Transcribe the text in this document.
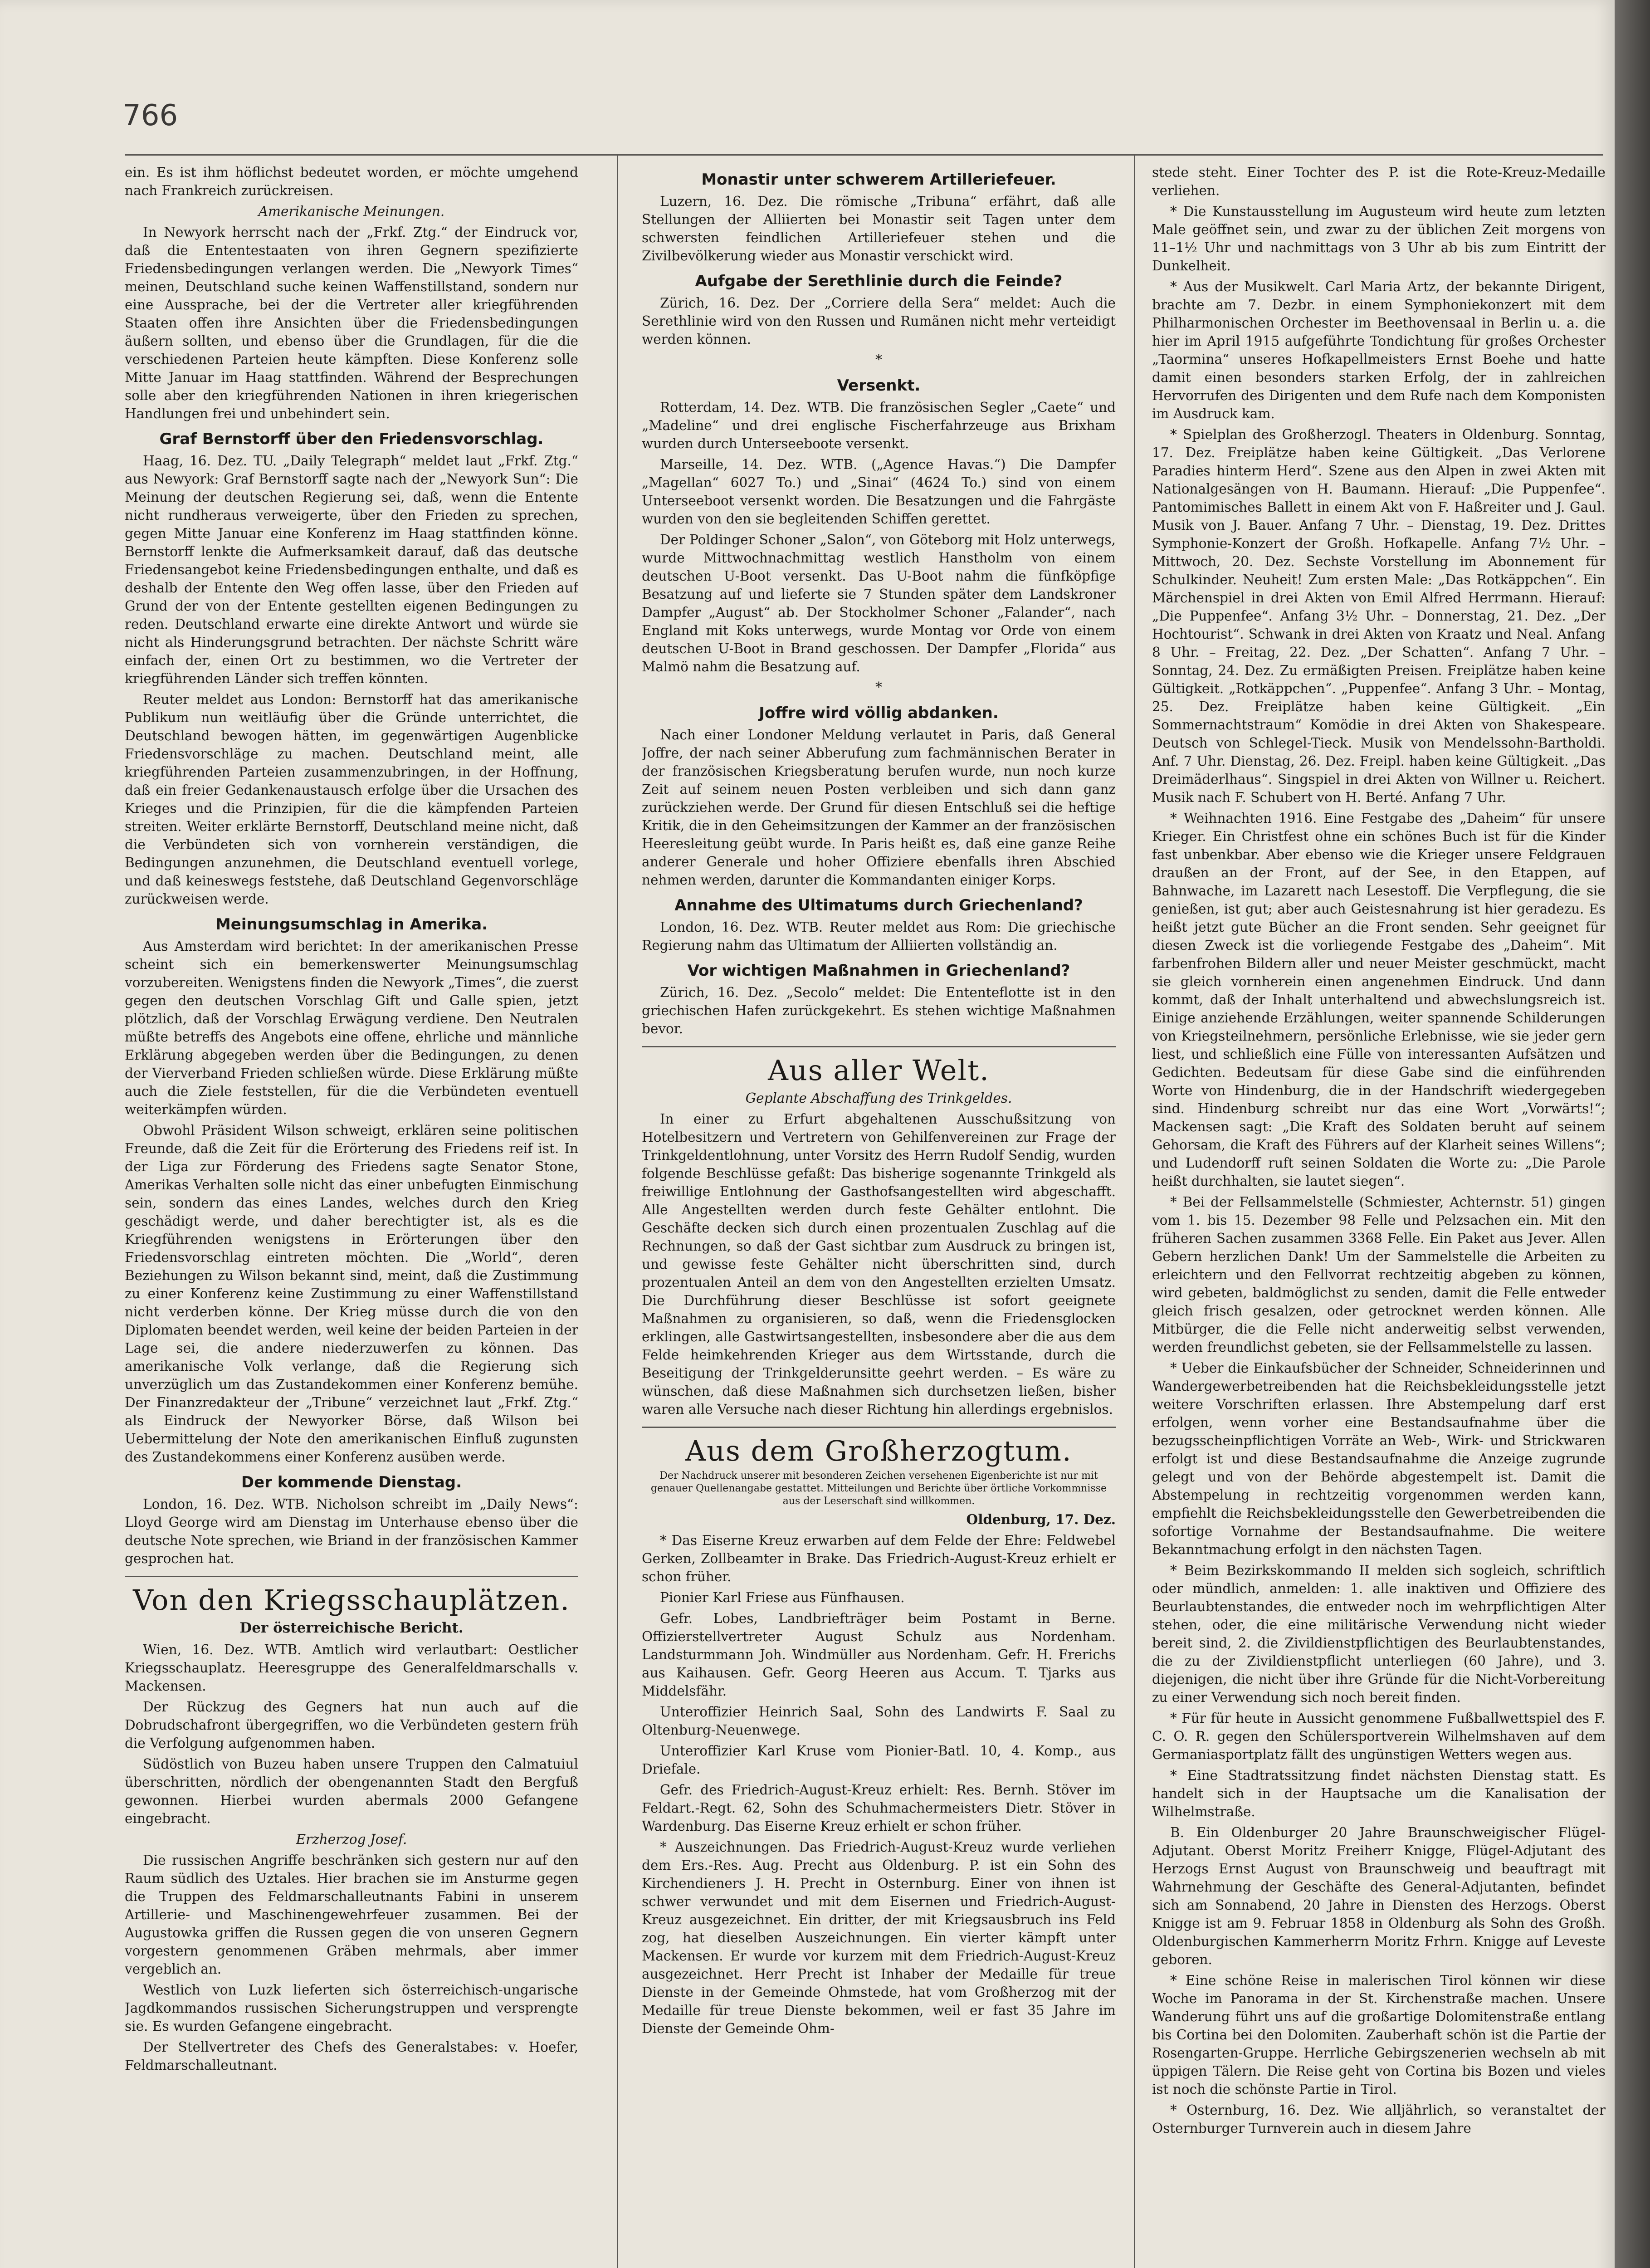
766

ein. Es ist ihm höflichst bedeutet worden, er möchte umgehend nach Frankreich zurückreisen.

Amerikanische Meinungen.

In Newyork herrscht nach der „Frkf. Ztg.“ der Eindruck vor, daß die Ententestaaten von ihren Gegnern spezifizierte Friedensbedingungen verlangen werden. Die „Newyork Times“ meinen, Deutschland suche keinen Waffenstillstand, sondern nur eine Aussprache, bei der die Vertreter aller kriegführenden Staaten offen ihre Ansichten über die Friedensbedingungen äußern sollten, und ebenso über die Grundlagen, für die die verschiedenen Parteien heute kämpften. Diese Konferenz solle Mitte Januar im Haag stattfinden. Während der Besprechungen solle aber den kriegführenden Nationen in ihren kriegerischen Handlungen frei und unbehindert sein.

Graf Bernstorff über den Friedensvorschlag.

Haag, 16. Dez. TU. „Daily Telegraph“ meldet laut „Frkf. Ztg.“ aus Newyork: Graf Bernstorff sagte nach der „Newyork Sun“: Die Meinung der deutschen Regierung sei, daß, wenn die Entente nicht rundheraus verweigerte, über den Frieden zu sprechen, gegen Mitte Januar eine Konferenz im Haag stattfinden könne. Bernstorff lenkte die Aufmerksamkeit darauf, daß das deutsche Friedensangebot keine Friedensbedingungen enthalte, und daß es deshalb der Entente den Weg offen lasse, über den Frieden auf Grund der von der Entente gestellten eigenen Bedingungen zu reden. Deutschland erwarte eine direkte Antwort und würde sie nicht als Hinderungsgrund betrachten. Der nächste Schritt wäre einfach der, einen Ort zu bestimmen, wo die Vertreter der kriegführenden Länder sich treffen könnten.

Reuter meldet aus London: Bernstorff hat das amerikanische Publikum nun weitläufig über die Gründe unterrichtet, die Deutschland bewogen hätten, im gegenwärtigen Augenblicke Friedensvorschläge zu machen. Deutschland meint, alle kriegführenden Parteien zusammenzubringen, in der Hoffnung, daß ein freier Gedankenaustausch erfolge über die Ursachen des Krieges und die Prinzipien, für die die kämpfenden Parteien streiten. Weiter erklärte Bernstorff, Deutschland meine nicht, daß die Verbündeten sich von vornherein verständigen, die Bedingungen anzunehmen, die Deutschland eventuell vorlege, und daß keineswegs feststehe, daß Deutschland Gegenvorschläge zurückweisen werde.

Meinungsumschlag in Amerika.

Aus Amsterdam wird berichtet: In der amerikanischen Presse scheint sich ein bemerkenswerter Meinungsumschlag vorzubereiten. Wenigstens finden die Newyork „Times“, die zuerst gegen den deutschen Vorschlag Gift und Galle spien, jetzt plötzlich, daß der Vorschlag Erwägung verdiene. Den Neutralen müßte betreffs des Angebots eine offene, ehrliche und männliche Erklärung abgegeben werden über die Bedingungen, zu denen der Vierverband Frieden schließen würde. Diese Erklärung müßte auch die Ziele feststellen, für die die Verbündeten eventuell weiterkämpfen würden.

Obwohl Präsident Wilson schweigt, erklären seine politischen Freunde, daß die Zeit für die Erörterung des Friedens reif ist. In der Liga zur Förderung des Friedens sagte Senator Stone, Amerikas Verhalten solle nicht das einer unbefugten Einmischung sein, sondern das eines Landes, welches durch den Krieg geschädigt werde, und daher berechtigter ist, als es die Kriegführenden wenigstens in Erörterungen über den Friedensvorschlag eintreten möchten. Die „World“, deren Beziehungen zu Wilson bekannt sind, meint, daß die Zustimmung zu einer Konferenz keine Zustimmung zu einer Waffenstillstand nicht verderben könne. Der Krieg müsse durch die von den Diplomaten beendet werden, weil keine der beiden Parteien in der Lage sei, die andere niederzuwerfen zu können. Das amerikanische Volk verlange, daß die Regierung sich unverzüglich um das Zustandekommen einer Konferenz bemühe. Der Finanzredakteur der „Tribune“ verzeichnet laut „Frkf. Ztg.“ als Eindruck der Newyorker Börse, daß Wilson bei Uebermittelung der Note den amerikanischen Einfluß zugunsten des Zustandekommens einer Konferenz ausüben werde.

Der kommende Dienstag.

London, 16. Dez. WTB. Nicholson schreibt im „Daily News“: Lloyd George wird am Dienstag im Unterhause ebenso über die deutsche Note sprechen, wie Briand in der französischen Kammer gesprochen hat.

Von den Kriegsschauplätzen.
Der österreichische Bericht.

Wien, 16. Dez. WTB. Amtlich wird verlautbart: Oestlicher Kriegsschauplatz. Heeresgruppe des Generalfeldmarschalls v. Mackensen.

Der Rückzug des Gegners hat nun auch auf die Dobrudschafront übergegriffen, wo die Verbündeten gestern früh die Verfolgung aufgenommen haben.

Südöstlich von Buzeu haben unsere Truppen den Calmatuiul überschritten, nördlich der obengenannten Stadt den Bergfuß gewonnen. Hierbei wurden abermals 2000 Gefangene eingebracht.

Erzherzog Josef.

Die russischen Angriffe beschränken sich gestern nur auf den Raum südlich des Uztales. Hier brachen sie im Ansturme gegen die Truppen des Feldmarschalleutnants Fabini in unserem Artillerie- und Maschinengewehrfeuer zusammen. Bei der Augustowka griffen die Russen gegen die von unseren Gegnern vorgestern genommenen Gräben mehrmals, aber immer vergeblich an.

Westlich von Luzk lieferten sich österreichisch-ungarische Jagdkommandos russischen Sicherungstruppen und versprengte sie. Es wurden Gefangene eingebracht.

Der Stellvertreter des Chefs des Generalstabes: v. Hoefer, Feldmarschalleutnant.

Monastir unter schwerem Artilleriefeuer.

Luzern, 16. Dez. Die römische „Tribuna“ erfährt, daß alle Stellungen der Alliierten bei Monastir seit Tagen unter dem schwersten feindlichen Artilleriefeuer stehen und die Zivilbevölkerung wieder aus Monastir verschickt wird.

Aufgabe der Serethlinie durch die Feinde?

Zürich, 16. Dez. Der „Corriere della Sera“ meldet: Auch die Serethlinie wird von den Russen und Rumänen nicht mehr verteidigt werden können.

*

Versenkt.

Rotterdam, 14. Dez. WTB. Die französischen Segler „Caete“ und „Madeline“ und drei englische Fischerfahrzeuge aus Brixham wurden durch Unterseeboote versenkt.

Marseille, 14. Dez. WTB. („Agence Havas.“) Die Dampfer „Magellan“ 6027 To.) und „Sinai“ (4624 To.) sind von einem Unterseeboot versenkt worden. Die Besatzungen und die Fahrgäste wurden von den sie begleitenden Schiffen gerettet.

Der Poldinger Schoner „Salon“, von Göteborg mit Holz unterwegs, wurde Mittwochnachmittag westlich Hanstholm von einem deutschen U-Boot versenkt. Das U-Boot nahm die fünfköpfige Besatzung auf und lieferte sie 7 Stunden später dem Landskroner Dampfer „August“ ab. Der Stockholmer Schoner „Falander“, nach England mit Koks unterwegs, wurde Montag vor Orde von einem deutschen U-Boot in Brand geschossen. Der Dampfer „Florida“ aus Malmö nahm die Besatzung auf.

*

Joffre wird völlig abdanken.

Nach einer Londoner Meldung verlautet in Paris, daß General Joffre, der nach seiner Abberufung zum fachmännischen Berater in der französischen Kriegsberatung berufen wurde, nun noch kurze Zeit auf seinem neuen Posten verbleiben und sich dann ganz zurückziehen werde. Der Grund für diesen Entschluß sei die heftige Kritik, die in den Geheimsitzungen der Kammer an der französischen Heeresleitung geübt wurde. In Paris heißt es, daß eine ganze Reihe anderer Generale und hoher Offiziere ebenfalls ihren Abschied nehmen werden, darunter die Kommandanten einiger Korps.

Annahme des Ultimatums durch Griechenland?

London, 16. Dez. WTB. Reuter meldet aus Rom: Die griechische Regierung nahm das Ultimatum der Alliierten vollständig an.

Vor wichtigen Maßnahmen in Griechenland?

Zürich, 16. Dez. „Secolo“ meldet: Die Ententeflotte ist in den griechischen Hafen zurückgekehrt. Es stehen wichtige Maßnahmen bevor.

Aus aller Welt.

Geplante Abschaffung des Trinkgeldes.

In einer zu Erfurt abgehaltenen Ausschußsitzung von Hotelbesitzern und Vertretern von Gehilfenvereinen zur Frage der Trinkgeldentlohnung, unter Vorsitz des Herrn Rudolf Sendig, wurden folgende Beschlüsse gefaßt: Das bisherige sogenannte Trinkgeld als freiwillige Entlohnung der Gasthofsangestellten wird abgeschafft. Alle Angestellten werden durch feste Gehälter entlohnt. Die Geschäfte decken sich durch einen prozentualen Zuschlag auf die Rechnungen, so daß der Gast sichtbar zum Ausdruck zu bringen ist, und gewisse feste Gehälter nicht überschritten sind, durch prozentualen Anteil an dem von den Angestellten erzielten Umsatz. Die Durchführung dieser Beschlüsse ist sofort geeignete Maßnahmen zu organisieren, so daß, wenn die Friedensglocken erklingen, alle Gastwirtsangestellten, insbesondere aber die aus dem Felde heimkehrenden Krieger aus dem Wirtsstande, durch die Beseitigung der Trinkgelderunsitte geehrt werden. – Es wäre zu wünschen, daß diese Maßnahmen sich durchsetzen ließen, bisher waren alle Versuche nach dieser Richtung hin allerdings ergebnislos.

Aus dem Großherzogtum.

Der Nachdruck unserer mit besonderen Zeichen versehenen Eigenberichte ist nur mit genauer Quellenangabe gestattet. Mitteilungen und Berichte über örtliche Vorkommnisse aus der Leserschaft sind willkommen.

Oldenburg, 17. Dez.

* Das Eiserne Kreuz erwarben auf dem Felde der Ehre: Feldwebel Gerken, Zollbeamter in Brake. Das Friedrich-August-Kreuz erhielt er schon früher.

Pionier Karl Friese aus Fünfhausen.

Gefr. Lobes, Landbriefträger beim Postamt in Berne. Offizierstellvertreter August Schulz aus Nordenham. Landsturmmann Joh. Windmüller aus Nordenham. Gefr. H. Frerichs aus Kaihausen. Gefr. Georg Heeren aus Accum. T. Tjarks aus Middelsfähr.

Unteroffizier Heinrich Saal, Sohn des Landwirts F. Saal zu Oltenburg-Neuenwege.

Unteroffizier Karl Kruse vom Pionier-Batl. 10, 4. Komp., aus Driefale.

Gefr. des Friedrich-August-Kreuz erhielt: Res. Bernh. Stöver im Feldart.-Regt. 62, Sohn des Schuhmachermeisters Dietr. Stöver in Wardenburg. Das Eiserne Kreuz erhielt er schon früher.

* Auszeichnungen. Das Friedrich-August-Kreuz wurde verliehen dem Ers.-Res. Aug. Precht aus Oldenburg. P. ist ein Sohn des Kirchendieners J. H. Precht in Osternburg. Einer von ihnen ist schwer verwundet und mit dem Eisernen und Friedrich-August-Kreuz ausgezeichnet. Ein dritter, der mit Kriegsausbruch ins Feld zog, hat dieselben Auszeichnungen. Ein vierter kämpft unter Mackensen. Er wurde vor kurzem mit dem Friedrich-August-Kreuz ausgezeichnet. Herr Precht ist Inhaber der Medaille für treue Dienste in der Gemeinde Ohmstede, hat vom Großherzog mit der Medaille für treue Dienste bekommen, weil er fast 35 Jahre im Dienste der Gemeinde Ohm-

stede steht. Einer Tochter des P. ist die Rote-Kreuz-Medaille verliehen.

* Die Kunstausstellung im Augusteum wird heute zum letzten Male geöffnet sein, und zwar zu der üblichen Zeit morgens von 11–1½ Uhr und nachmittags von 3 Uhr ab bis zum Eintritt der Dunkelheit.

* Aus der Musikwelt. Carl Maria Artz, der bekannte Dirigent, brachte am 7. Dezbr. in einem Symphoniekonzert mit dem Philharmonischen Orchester im Beethovensaal in Berlin u. a. die hier im April 1915 aufgeführte Tondichtung für großes Orchester „Taormina“ unseres Hofkapellmeisters Ernst Boehe und hatte damit einen besonders starken Erfolg, der in zahlreichen Hervorrufen des Dirigenten und dem Rufe nach dem Komponisten im Ausdruck kam.

* Spielplan des Großherzogl. Theaters in Oldenburg. Sonntag, 17. Dez. Freiplätze haben keine Gültigkeit. „Das Verlorene Paradies hinterm Herd“. Szene aus den Alpen in zwei Akten mit Nationalgesängen von H. Baumann. Hierauf: „Die Puppenfee“. Pantomimisches Ballett in einem Akt von F. Haßreiter und J. Gaul. Musik von J. Bauer. Anfang 7 Uhr. – Dienstag, 19. Dez. Drittes Symphonie-Konzert der Großh. Hofkapelle. Anfang 7½ Uhr. – Mittwoch, 20. Dez. Sechste Vorstellung im Abonnement für Schulkinder. Neuheit! Zum ersten Male: „Das Rotkäppchen“. Ein Märchenspiel in drei Akten von Emil Alfred Herrmann. Hierauf: „Die Puppenfee“. Anfang 3½ Uhr. – Donnerstag, 21. Dez. „Der Hochtourist“. Schwank in drei Akten von Kraatz und Neal. Anfang 8 Uhr. – Freitag, 22. Dez. „Der Schatten“. Anfang 7 Uhr. – Sonntag, 24. Dez. Zu ermäßigten Preisen. Freiplätze haben keine Gültigkeit. „Rotkäppchen“. „Puppenfee“. Anfang 3 Uhr. – Montag, 25. Dez. Freiplätze haben keine Gültigkeit. „Ein Sommernachtstraum“ Komödie in drei Akten von Shakespeare. Deutsch von Schlegel-Tieck. Musik von Mendelssohn-Bartholdi. Anf. 7 Uhr. Dienstag, 26. Dez. Freipl. haben keine Gültigkeit. „Das Dreimäderlhaus“. Singspiel in drei Akten von Willner u. Reichert. Musik nach F. Schubert von H. Berté. Anfang 7 Uhr.

* Weihnachten 1916. Eine Festgabe des „Daheim“ für unsere Krieger. Ein Christfest ohne ein schönes Buch ist für die Kinder fast unbenkbar. Aber ebenso wie die Krieger unsere Feldgrauen draußen an der Front, auf der See, in den Etappen, auf Bahnwache, im Lazarett nach Lesestoff. Die Verpflegung, die sie genießen, ist gut; aber auch Geistesnahrung ist hier geradezu. Es heißt jetzt gute Bücher an die Front senden. Sehr geeignet für diesen Zweck ist die vorliegende Festgabe des „Daheim“. Mit farbenfrohen Bildern aller und neuer Meister geschmückt, macht sie gleich vornherein einen angenehmen Eindruck. Und dann kommt, daß der Inhalt unterhaltend und abwechslungsreich ist. Einige anziehende Erzählungen, weiter spannende Schilderungen von Kriegsteilnehmern, persönliche Erlebnisse, wie sie jeder gern liest, und schließlich eine Fülle von interessanten Aufsätzen und Gedichten. Bedeutsam für diese Gabe sind die einführenden Worte von Hindenburg, die in der Handschrift wiedergegeben sind. Hindenburg schreibt nur das eine Wort „Vorwärts!“; Mackensen sagt: „Die Kraft des Soldaten beruht auf seinem Gehorsam, die Kraft des Führers auf der Klarheit seines Willens“; und Ludendorff ruft seinen Soldaten die Worte zu: „Die Parole heißt durchhalten, sie lautet siegen“.

* Bei der Fellsammelstelle (Schmiester, Achternstr. 51) gingen vom 1. bis 15. Dezember 98 Felle und Pelzsachen ein. Mit den früheren Sachen zusammen 3368 Felle. Ein Paket aus Jever. Allen Gebern herzlichen Dank! Um der Sammelstelle die Arbeiten zu erleichtern und den Fellvorrat rechtzeitig abgeben zu können, wird gebeten, baldmöglichst zu senden, damit die Felle entweder gleich frisch gesalzen, oder getrocknet werden können. Alle Mitbürger, die die Felle nicht anderweitig selbst verwenden, werden freundlichst gebeten, sie der Fellsammelstelle zu lassen.

* Ueber die Einkaufsbücher der Schneider, Schneiderinnen und Wandergewerbetreibenden hat die Reichsbekleidungsstelle jetzt weitere Vorschriften erlassen. Ihre Abstempelung darf erst erfolgen, wenn vorher eine Bestandsaufnahme über die bezugsscheinpflichtigen Vorräte an Web-, Wirk- und Strickwaren erfolgt ist und diese Bestandsaufnahme die Anzeige zugrunde gelegt und von der Behörde abgestempelt ist. Damit die Abstempelung in rechtzeitig vorgenommen werden kann, empfiehlt die Reichsbekleidungsstelle den Gewerbetreibenden die sofortige Vornahme der Bestandsaufnahme. Die weitere Bekanntmachung erfolgt in den nächsten Tagen.

* Beim Bezirkskommando II melden sich sogleich, schriftlich oder mündlich, anmelden: 1. alle inaktiven und Offiziere des Beurlaubtenstandes, die entweder noch im wehrpflichtigen Alter stehen, oder, die eine militärische Verwendung nicht wieder bereit sind, 2. die Zivildienstpflichtigen des Beurlaubtenstandes, die zu der Zivildienstpflicht unterliegen (60 Jahre), und 3. diejenigen, die nicht über ihre Gründe für die Nicht-Vorbereitung zu einer Verwendung sich noch bereit finden.

* Für für heute in Aussicht genommene Fußballwettspiel des F. C. O. R. gegen den Schülersportverein Wilhelmshaven auf dem Germaniasportplatz fällt des ungünstigen Wetters wegen aus.

* Eine Stadtratssitzung findet nächsten Dienstag statt. Es handelt sich in der Hauptsache um die Kanalisation der Wilhelmstraße.

B. Ein Oldenburger 20 Jahre Braunschweigischer Flügel-Adjutant. Oberst Moritz Freiherr Knigge, Flügel-Adjutant des Herzogs Ernst August von Braunschweig und beauftragt mit Wahrnehmung der Geschäfte des General-Adjutanten, befindet sich am Sonnabend, 20 Jahre in Diensten des Herzogs. Oberst Knigge ist am 9. Februar 1858 in Oldenburg als Sohn des Großh. Oldenburgischen Kammerherrn Moritz Frhrn. Knigge auf Leveste geboren.

* Eine schöne Reise in malerischen Tirol können wir diese Woche im Panorama in der St. Kirchenstraße machen. Unsere Wanderung führt uns auf die großartige Dolomitenstraße entlang bis Cortina bei den Dolomiten. Zauberhaft schön ist die Partie der Rosengarten-Gruppe. Herrliche Gebirgszenerien wechseln ab mit üppigen Tälern. Die Reise geht von Cortina bis Bozen und vieles ist noch die schönste Partie in Tirol.

* Osternburg, 16. Dez. Wie alljährlich, so veranstaltet der Osternburger Turnverein auch in diesem Jahre
